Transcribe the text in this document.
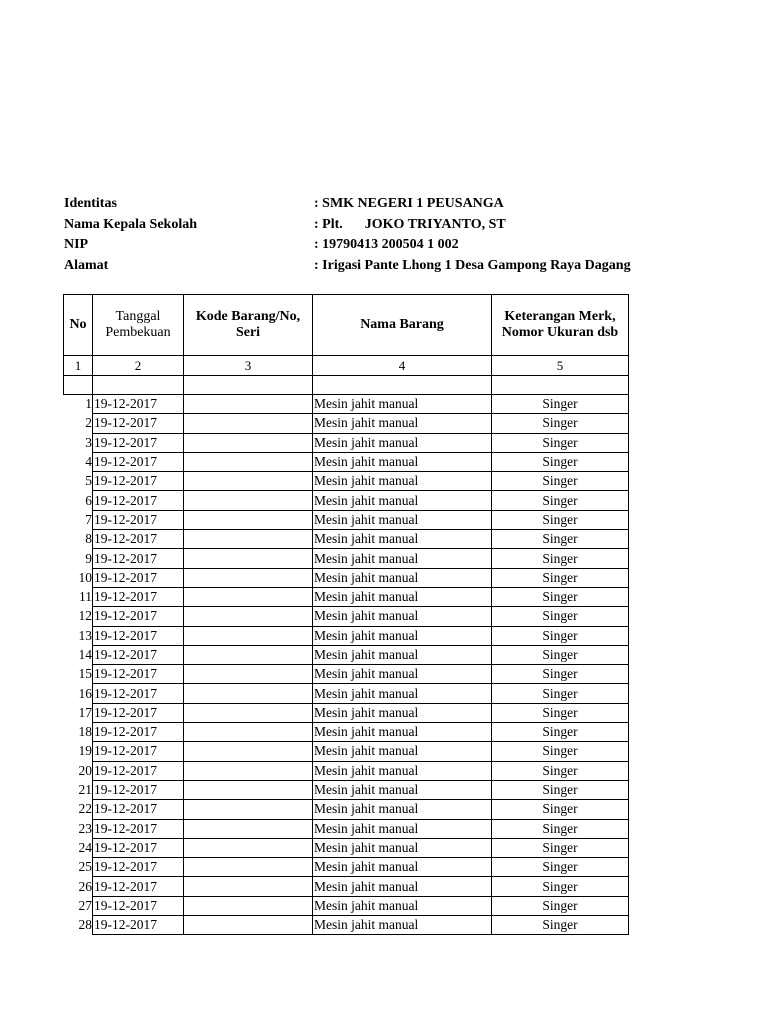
Identitas	: SMK NEGERI 1 PEUSANGA
Nama Kepala Sekolah	: Plt. JOKO TRIYANTO, ST
NIP	: 19790413 200504 1 002
Alamat	: Irigasi Pante Lhong 1 Desa Gampong Raya Dagang
No	Tanggal Pembekuan	Kode Barang/No, Seri	Nama Barang	Keterangan Merk, Nomor Ukuran dsb
1	2	3	4	5

1	19-12-2017		Mesin jahit manual	Singer
2	19-12-2017		Mesin jahit manual	Singer
3	19-12-2017		Mesin jahit manual	Singer
4	19-12-2017		Mesin jahit manual	Singer
5	19-12-2017		Mesin jahit manual	Singer
6	19-12-2017		Mesin jahit manual	Singer
7	19-12-2017		Mesin jahit manual	Singer
8	19-12-2017		Mesin jahit manual	Singer
9	19-12-2017		Mesin jahit manual	Singer
10	19-12-2017		Mesin jahit manual	Singer
11	19-12-2017		Mesin jahit manual	Singer
12	19-12-2017		Mesin jahit manual	Singer
13	19-12-2017		Mesin jahit manual	Singer
14	19-12-2017		Mesin jahit manual	Singer
15	19-12-2017		Mesin jahit manual	Singer
16	19-12-2017		Mesin jahit manual	Singer
17	19-12-2017		Mesin jahit manual	Singer
18	19-12-2017		Mesin jahit manual	Singer
19	19-12-2017		Mesin jahit manual	Singer
20	19-12-2017		Mesin jahit manual	Singer
21	19-12-2017		Mesin jahit manual	Singer
22	19-12-2017		Mesin jahit manual	Singer
23	19-12-2017		Mesin jahit manual	Singer
24	19-12-2017		Mesin jahit manual	Singer
25	19-12-2017		Mesin jahit manual	Singer
26	19-12-2017		Mesin jahit manual	Singer
27	19-12-2017		Mesin jahit manual	Singer
28	19-12-2017		Mesin jahit manual	Singer
